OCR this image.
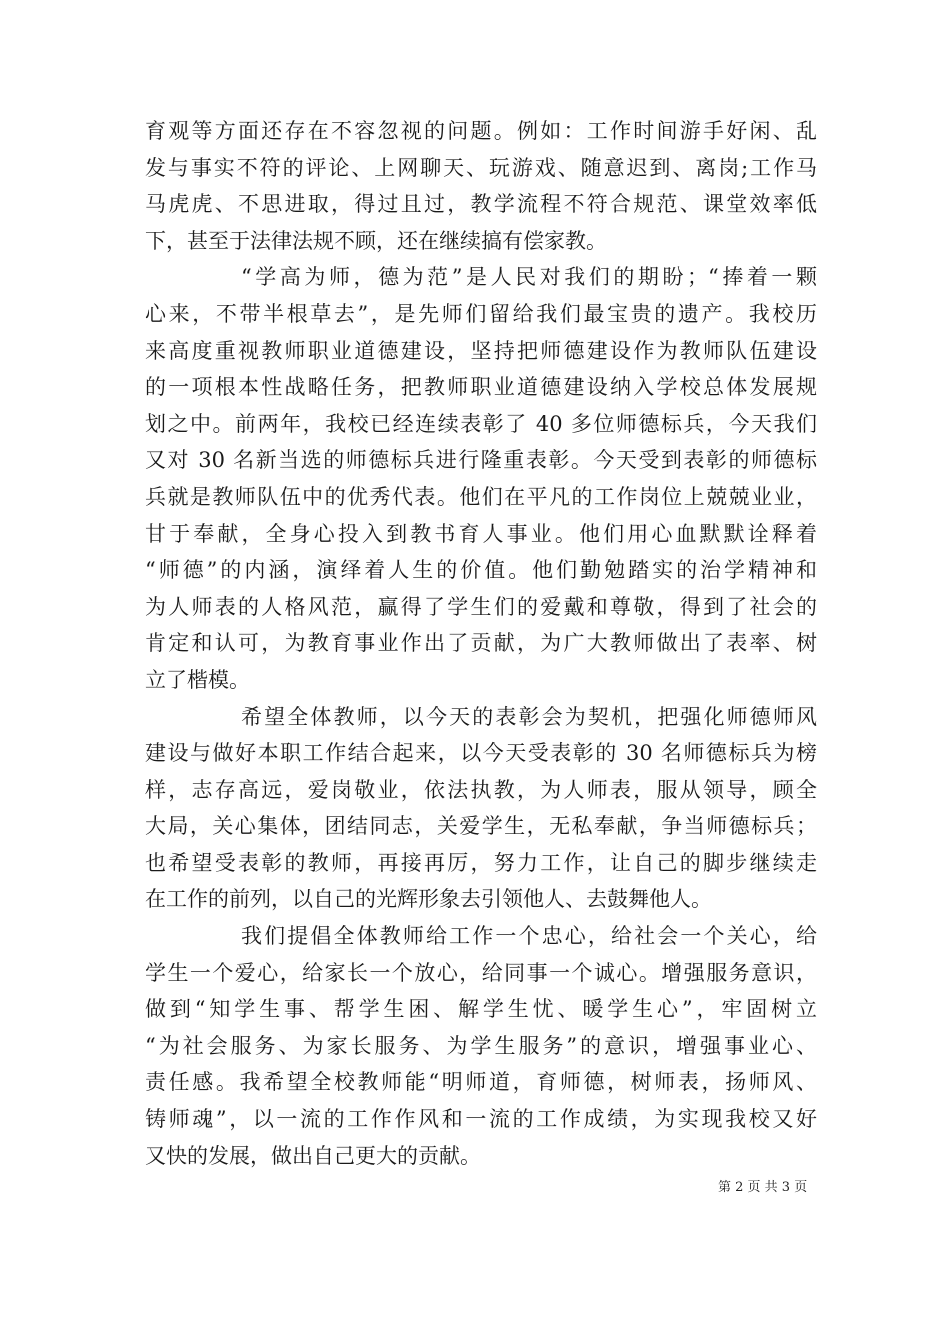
育观等方面还存在不容忽视的问题。例如：工作时间游手好闲、乱
发与事实不符的评论、上网聊天、玩游戏、随意迟到、离岗;工作马
马虎虎、不思进取，得过且过，教学流程不符合规范、课堂效率低
下，甚至于法律法规不顾，还在继续搞有偿家教。
“学高为师，德为范”是人民对我们的期盼；“捧着一颗
心来，不带半根草去”，是先师们留给我们最宝贵的遗产。我校历
来高度重视教师职业道德建设，坚持把师德建设作为教师队伍建设
的一项根本性战略任务，把教师职业道德建设纳入学校总体发展规
划之中。前两年，我校已经连续表彰了 40 多位师德标兵，今天我们
又对 30 名新当选的师德标兵进行隆重表彰。今天受到表彰的师德标
兵就是教师队伍中的优秀代表。他们在平凡的工作岗位上兢兢业业，
甘于奉献，全身心投入到教书育人事业。他们用心血默默诠释着
“师德”的内涵，演绎着人生的价值。他们勤勉踏实的治学精神和
为人师表的人格风范，赢得了学生们的爱戴和尊敬，得到了社会的
肯定和认可，为教育事业作出了贡献，为广大教师做出了表率、树
立了楷模。
希望全体教师，以今天的表彰会为契机，把强化师德师风
建设与做好本职工作结合起来，以今天受表彰的 30 名师德标兵为榜
样，志存高远，爱岗敬业，依法执教，为人师表，服从领导，顾全
大局，关心集体，团结同志，关爱学生，无私奉献，争当师德标兵；
也希望受表彰的教师，再接再厉，努力工作，让自己的脚步继续走
在工作的前列，以自己的光辉形象去引领他人、去鼓舞他人。
我们提倡全体教师给工作一个忠心，给社会一个关心，给
学生一个爱心，给家长一个放心，给同事一个诚心。增强服务意识，
做到“知学生事、帮学生困、解学生忧、暖学生心”，牢固树立
“为社会服务、为家长服务、为学生服务”的意识，增强事业心、
责任感。我希望全校教师能“明师道，育师德，树师表，扬师风、
铸师魂”，以一流的工作作风和一流的工作成绩，为实现我校又好
又快的发展，做出自己更大的贡献。
第 2 页 共 3 页
